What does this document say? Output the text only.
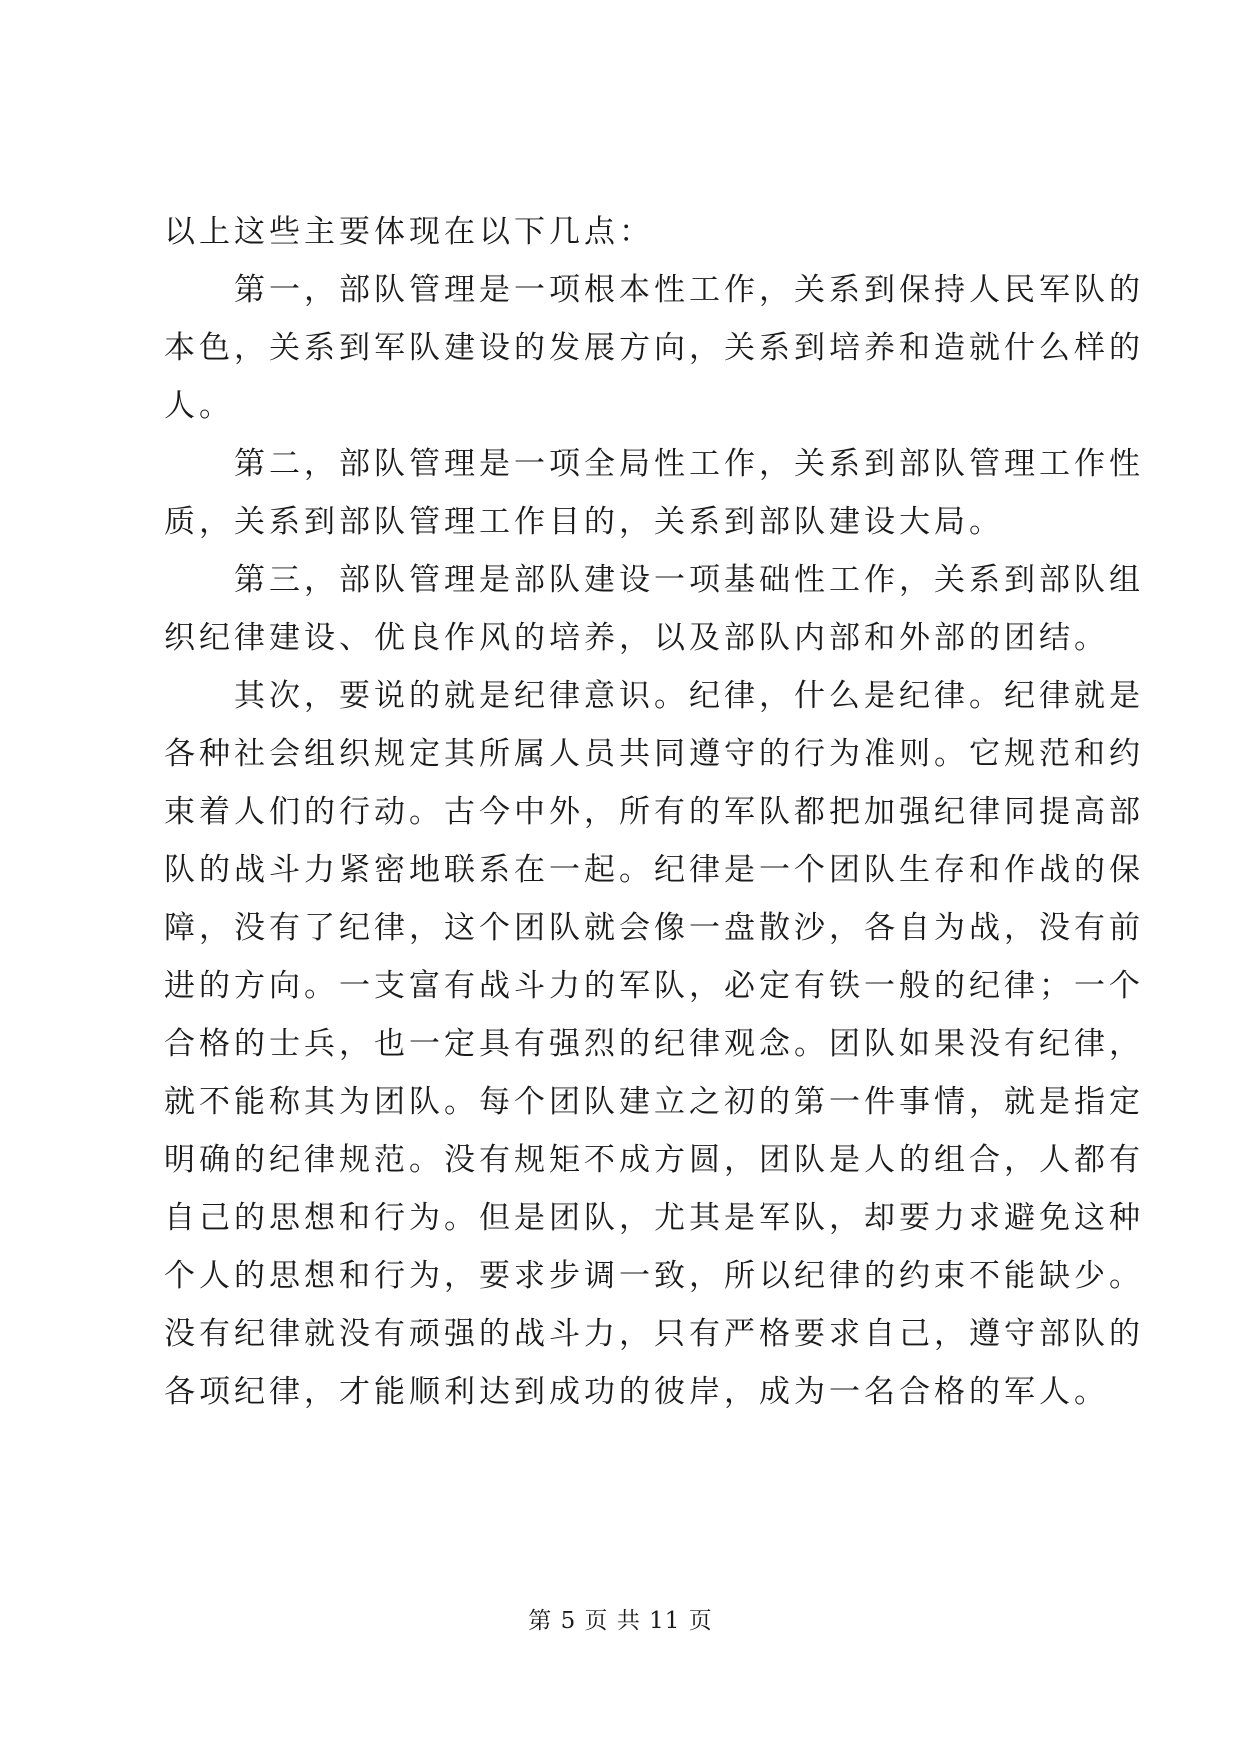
以上这些主要体现在以下几点：
第一，部队管理是一项根本性工作，关系到保持人民军队的
本色，关系到军队建设的发展方向，关系到培养和造就什么样的
人。
第二，部队管理是一项全局性工作，关系到部队管理工作性
质，关系到部队管理工作目的，关系到部队建设大局。
第三，部队管理是部队建设一项基础性工作，关系到部队组
织纪律建设、优良作风的培养，以及部队内部和外部的团结。
其次，要说的就是纪律意识。纪律，什么是纪律。纪律就是
各种社会组织规定其所属人员共同遵守的行为准则。它规范和约
束着人们的行动。古今中外，所有的军队都把加强纪律同提高部
队的战斗力紧密地联系在一起。纪律是一个团队生存和作战的保
障，没有了纪律，这个团队就会像一盘散沙，各自为战，没有前
进的方向。一支富有战斗力的军队，必定有铁一般的纪律；一个
合格的士兵，也一定具有强烈的纪律观念。团队如果没有纪律，
就不能称其为团队。每个团队建立之初的第一件事情，就是指定
明确的纪律规范。没有规矩不成方圆，团队是人的组合，人都有
自己的思想和行为。但是团队，尤其是军队，却要力求避免这种
个人的思想和行为，要求步调一致，所以纪律的约束不能缺少。
没有纪律就没有顽强的战斗力，只有严格要求自己，遵守部队的
各项纪律，才能顺利达到成功的彼岸，成为一名合格的军人。
第 5 页 共 11 页
